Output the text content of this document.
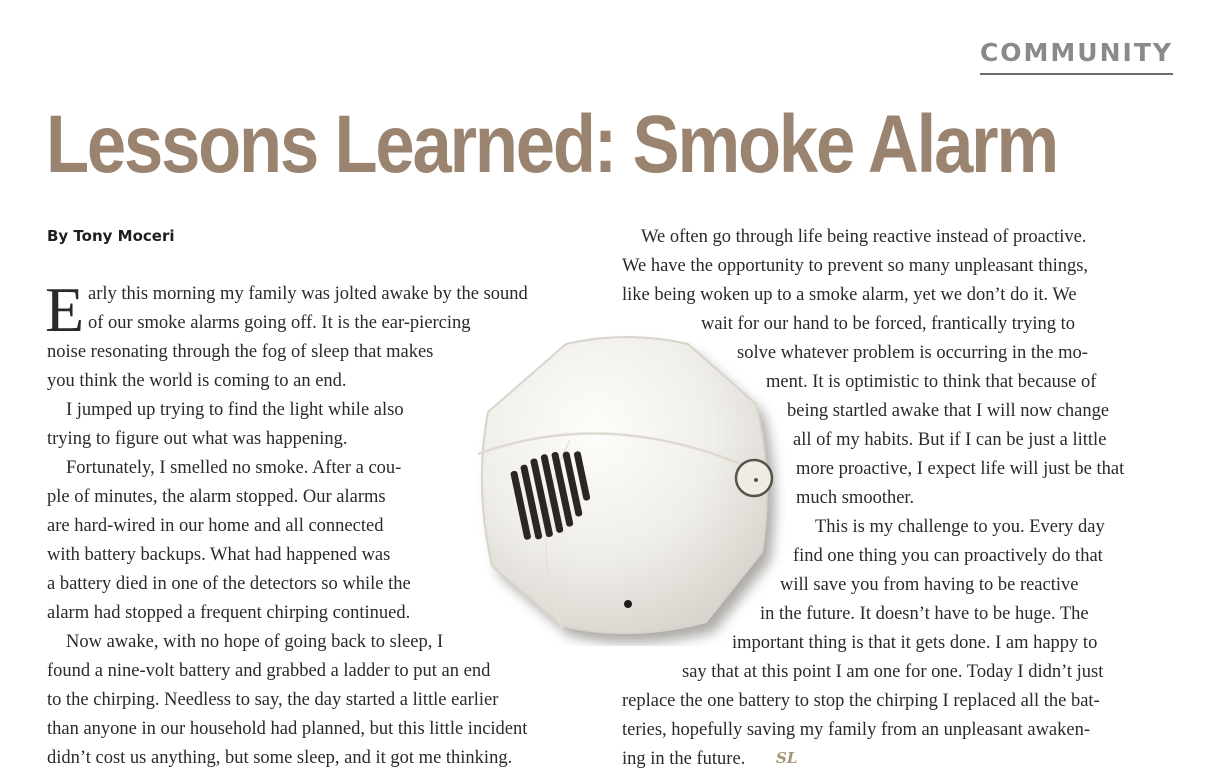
COMMUNITY
Lessons Learned: Smoke Alarm
By Tony Moceri
E arly this morning my family was jolted awake by the sound
of our smoke alarms going off. It is the ear-piercing
noise resonating through the fog of sleep that makes
you think the world is coming to an end.
I jumped up trying to find the light while also
trying to figure out what was happening.
Fortunately, I smelled no smoke. After a cou-
ple of minutes, the alarm stopped. Our alarms
are hard-wired in our home and all connected
with battery backups. What had happened was
a battery died in one of the detectors so while the
alarm had stopped a frequent chirping continued.
Now awake, with no hope of going back to sleep, I
found a nine-volt battery and grabbed a ladder to put an end
to the chirping. Needless to say, the day started a little earlier
than anyone in our household had planned, but this little incident
didn’t cost us anything, but some sleep, and it got me thinking.
We often go through life being reactive instead of proactive.
We have the opportunity to prevent so many unpleasant things,
like being woken up to a smoke alarm, yet we don’t do it. We
wait for our hand to be forced, frantically trying to
solve whatever problem is occurring in the mo-
ment. It is optimistic to think that because of
being startled awake that I will now change
all of my habits. But if I can be just a little
more proactive, I expect life will just be that
much smoother.
This is my challenge to you. Every day
find one thing you can proactively do that
will save you from having to be reactive
in the future. It doesn’t have to be huge. The
important thing is that it gets done. I am happy to
say that at this point I am one for one. Today I didn’t just
replace the one battery to stop the chirping I replaced all the bat-
teries, hopefully saving my family from an unpleasant awaken-
ing in the future. SL
